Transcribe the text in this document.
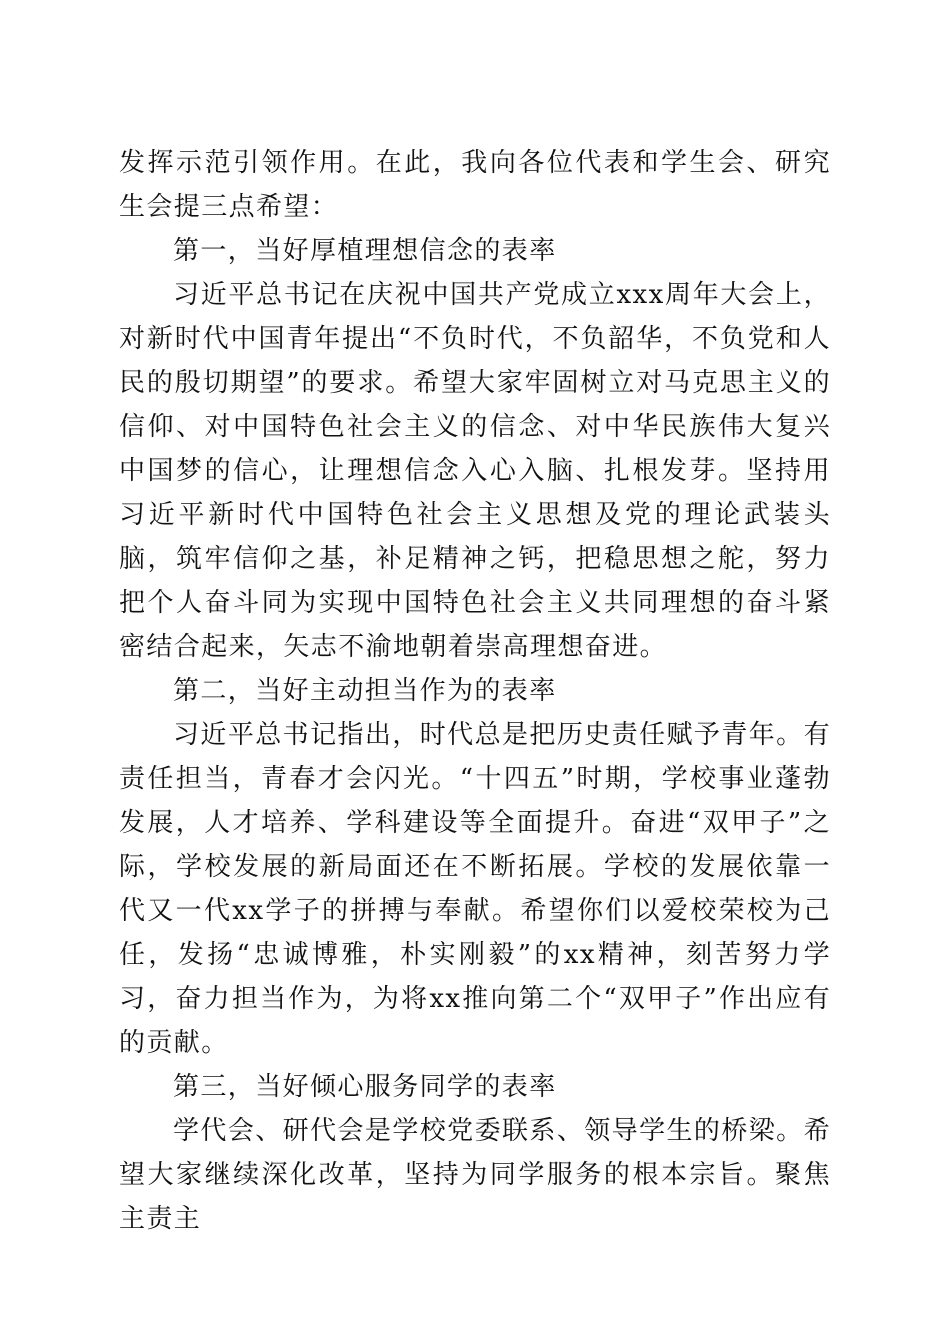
发挥示范引领作用。在此，我向各位代表和学生会、研究生会提三点希望：

第一，当好厚植理想信念的表率

习近平总书记在庆祝中国共产党成立xxx周年大会上，对新时代中国青年提出“不负时代，不负韶华，不负党和人民的殷切期望”的要求。希望大家牢固树立对马克思主义的信仰、对中国特色社会主义的信念、对中华民族伟大复兴中国梦的信心，让理想信念入心入脑、扎根发芽。坚持用习近平新时代中国特色社会主义思想及党的理论武装头脑，筑牢信仰之基，补足精神之钙，把稳思想之舵，努力把个人奋斗同为实现中国特色社会主义共同理想的奋斗紧密结合起来，矢志不渝地朝着崇高理想奋进。

第二，当好主动担当作为的表率

习近平总书记指出，时代总是把历史责任赋予青年。有责任担当，青春才会闪光。“十四五”时期，学校事业蓬勃发展，人才培养、学科建设等全面提升。奋进“双甲子”之际，学校发展的新局面还在不断拓展。学校的发展依靠一代又一代xx学子的拼搏与奉献。希望你们以爱校荣校为己任，发扬“忠诚博雅，朴实刚毅”的xx精神，刻苦努力学习，奋力担当作为，为将xx推向第二个“双甲子”作出应有的贡献。

第三，当好倾心服务同学的表率

学代会、研代会是学校党委联系、领导学生的桥梁。希望大家继续深化改革，坚持为同学服务的根本宗旨。聚焦主责主
